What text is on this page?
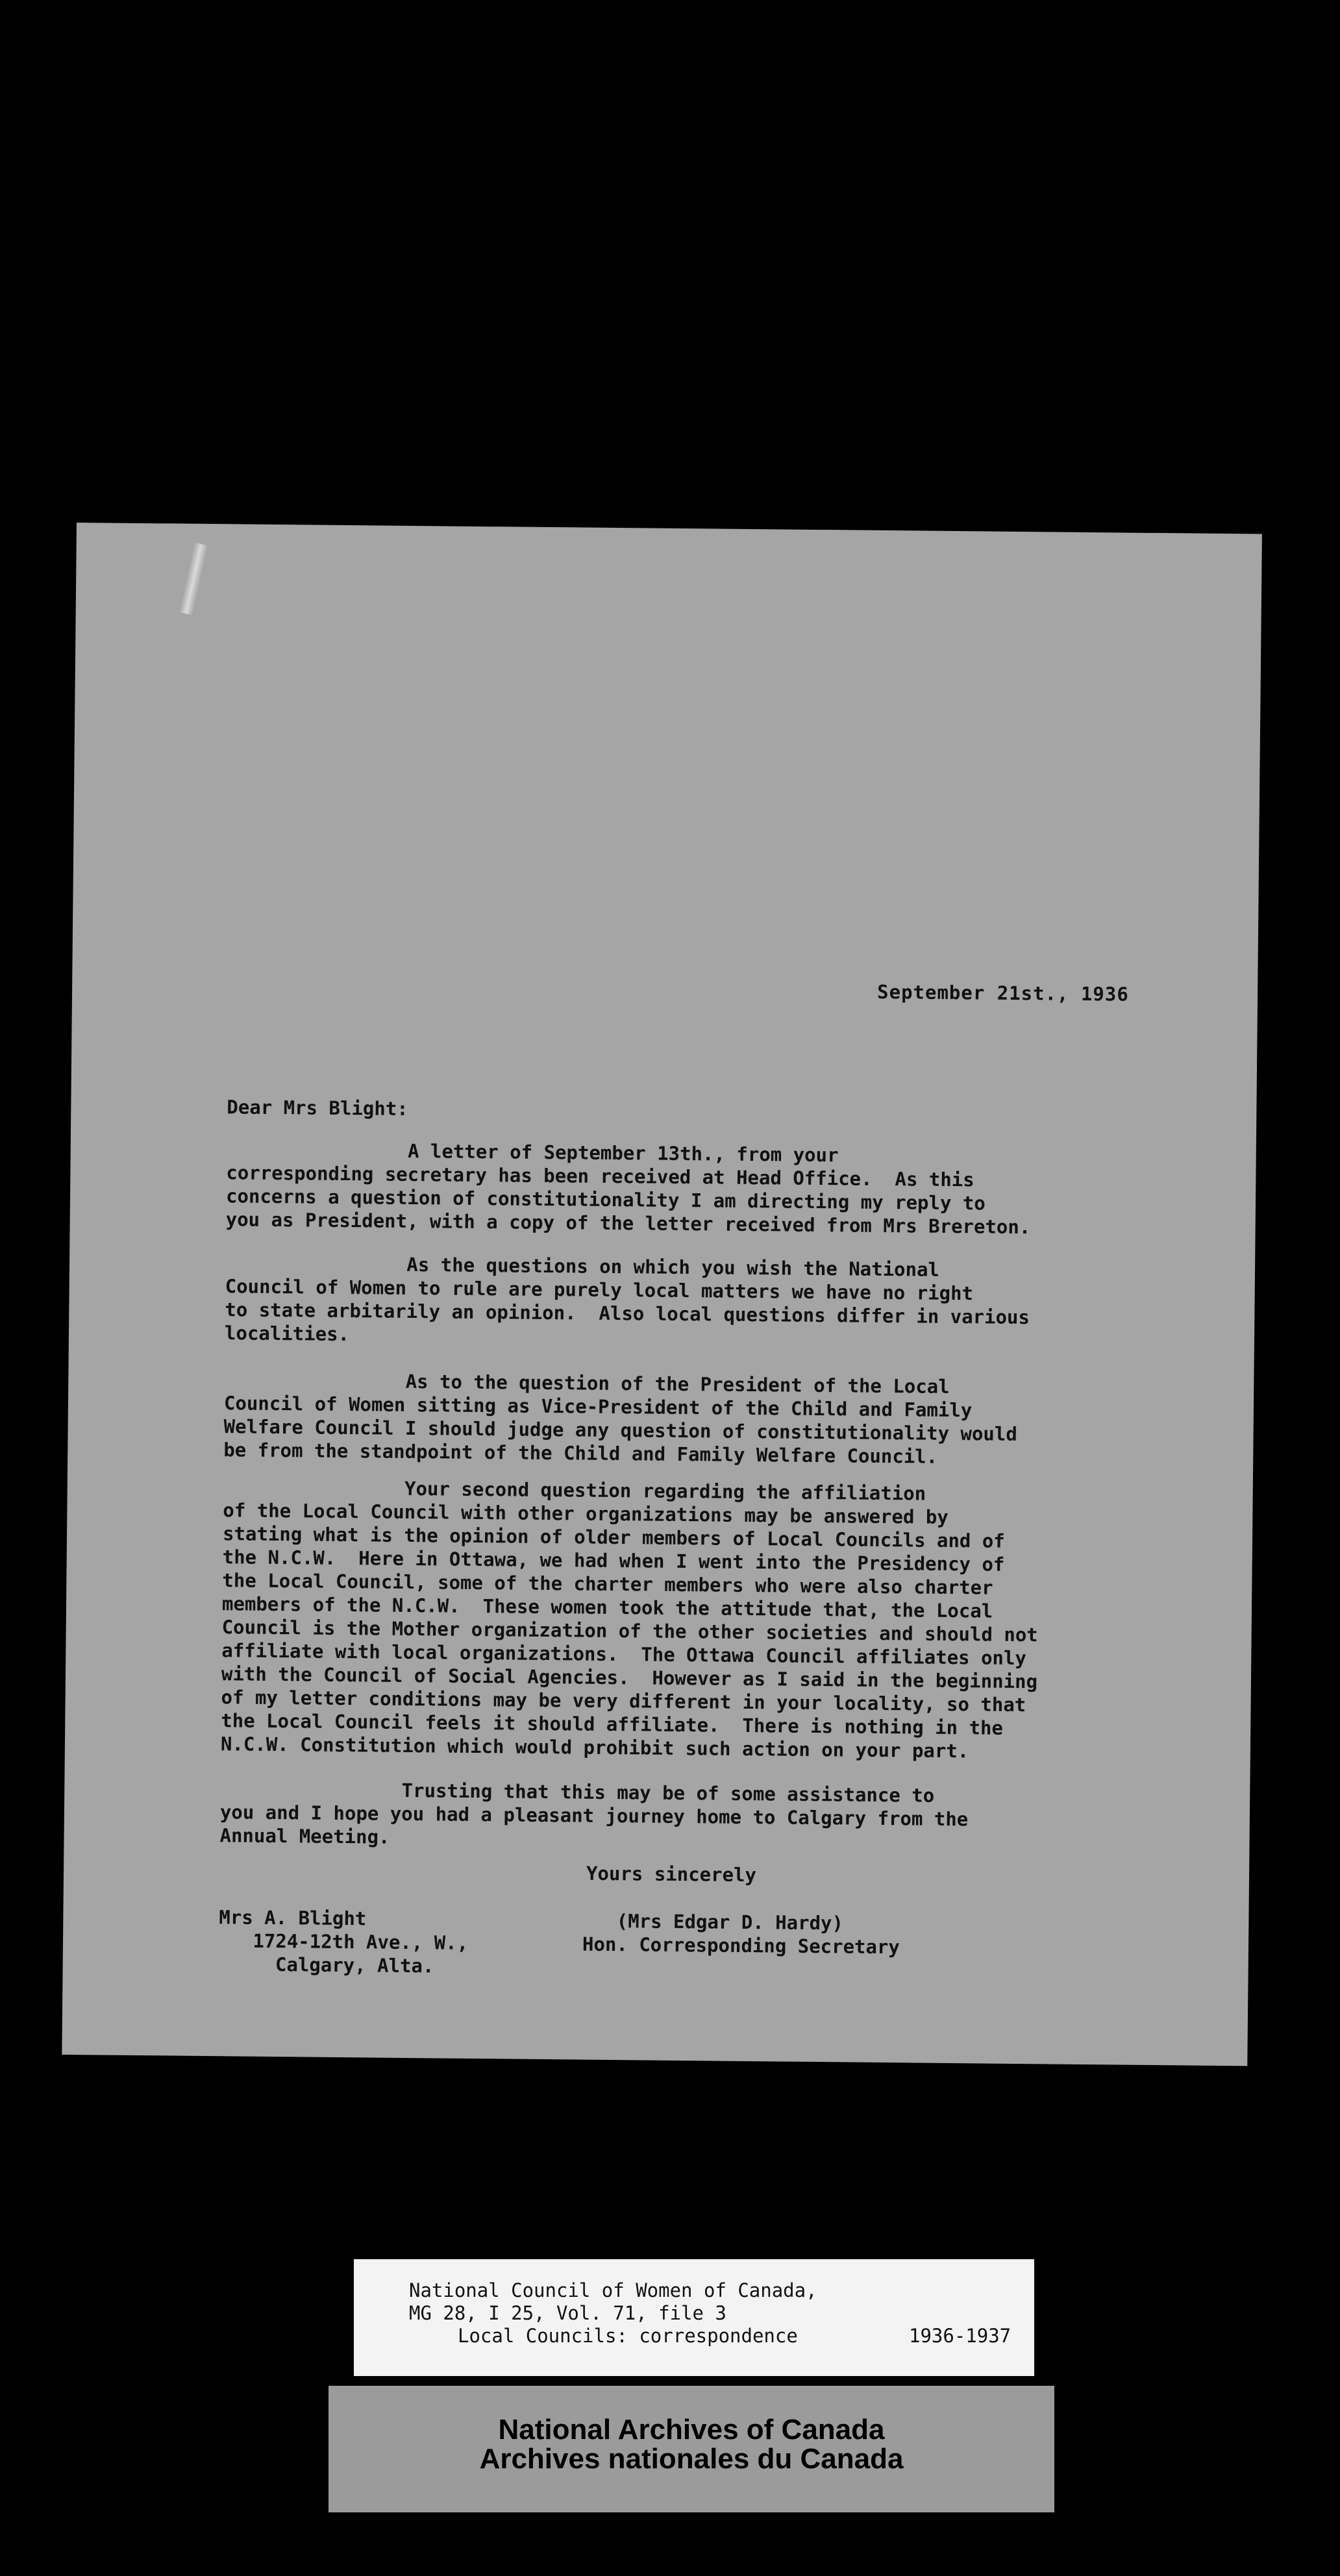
September 21st., 1936
Dear Mrs Blight:
A letter of September 13th., from your
corresponding secretary has been received at Head Office.  As this
concerns a question of constitutionality I am directing my reply to
you as President, with a copy of the letter received from Mrs Brereton.
As the questions on which you wish the National
Council of Women to rule are purely local matters we have no right
to state arbitarily an opinion.  Also local questions differ in various
localities.
As to the question of the President of the Local
Council of Women sitting as Vice-President of the Child and Family
Welfare Council I should judge any question of constitutionality would
be from the standpoint of the Child and Family Welfare Council.
Your second question regarding the affiliation
of the Local Council with other organizations may be answered by
stating what is the opinion of older members of Local Councils and of
the N.C.W.  Here in Ottawa, we had when I went into the Presidency of
the Local Council, some of the charter members who were also charter
members of the N.C.W.  These women took the attitude that, the Local
Council is the Mother organization of the other societies and should not
affiliate with local organizations.  The Ottawa Council affiliates only
with the Council of Social Agencies.  However as I said in the beginning
of my letter conditions may be very different in your locality, so that
the Local Council feels it should affiliate.  There is nothing in the
N.C.W. Constitution which would prohibit such action on your part.
Trusting that this may be of some assistance to
you and I hope you had a pleasant journey home to Calgary from the
Annual Meeting.
Yours sincerely
Mrs A. Blight
1724-12th Ave., W.,
Calgary, Alta.
(Mrs Edgar D. Hardy)
Hon. Corresponding Secretary
National Council of Women of Canada,
MG 28, I 25, Vol. 71, file 3
Local Councils: correspondence	1936-1937
National Archives of Canada
Archives nationales du Canada
